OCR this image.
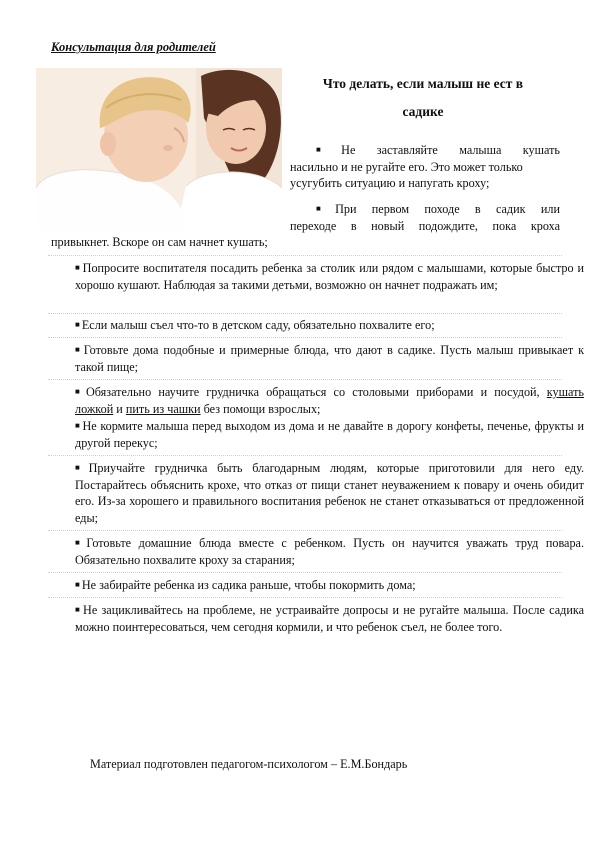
Консультация для родителей
Что делать, если малыш не ест в
садике
■ Не заставляйте малыша кушать
насильно и не ругайте его. Это может только
усугубить ситуацию и напугать кроху;
■ При первом походе в садик или
переходе в новый подождите, пока кроха
привыкнет. Вскоре он сам начнет кушать;

■ Попросите воспитателя посадить ребенка за столик или рядом с малышами, которые быстро и хорошо кушают. Наблюдая за такими детьми, возможно он начнет подражать им;

■ Если малыш съел что-то в детском саду, обязательно похвалите его;

■ Готовьте дома подобные и примерные блюда, что дают в садике. Пусть малыш привыкает к такой пище;

■ Обязательно научите грудничка обращаться со столовыми приборами и посудой, кушать ложкой и пить из чашки без помощи взрослых;

■ Не кормите малыша перед выходом из дома и не давайте в дорогу конфеты, печенье, фрукты и другой перекус;

■ Приучайте грудничка быть благодарным людям, которые приготовили для него еду. Постарайтесь объяснить крохе, что отказ от пищи станет неуважением к повару и очень обидит его. Из-за хорошего и правильного воспитания ребенок не станет отказываться от предложенной еды;

■ Готовьте домашние блюда вместе с ребенком. Пусть он научится уважать труд повара. Обязательно похвалите кроху за старания;

■ Не забирайте ребенка из садика раньше, чтобы покормить дома;

■ Не зацикливайтесь на проблеме, не устраивайте допросы и не ругайте малыша. После садика можно поинтересоваться, чем сегодня кормили, и что ребенок съел, не более того.

Материал подготовлен педагогом-психологом – Е.М.Бондарь
